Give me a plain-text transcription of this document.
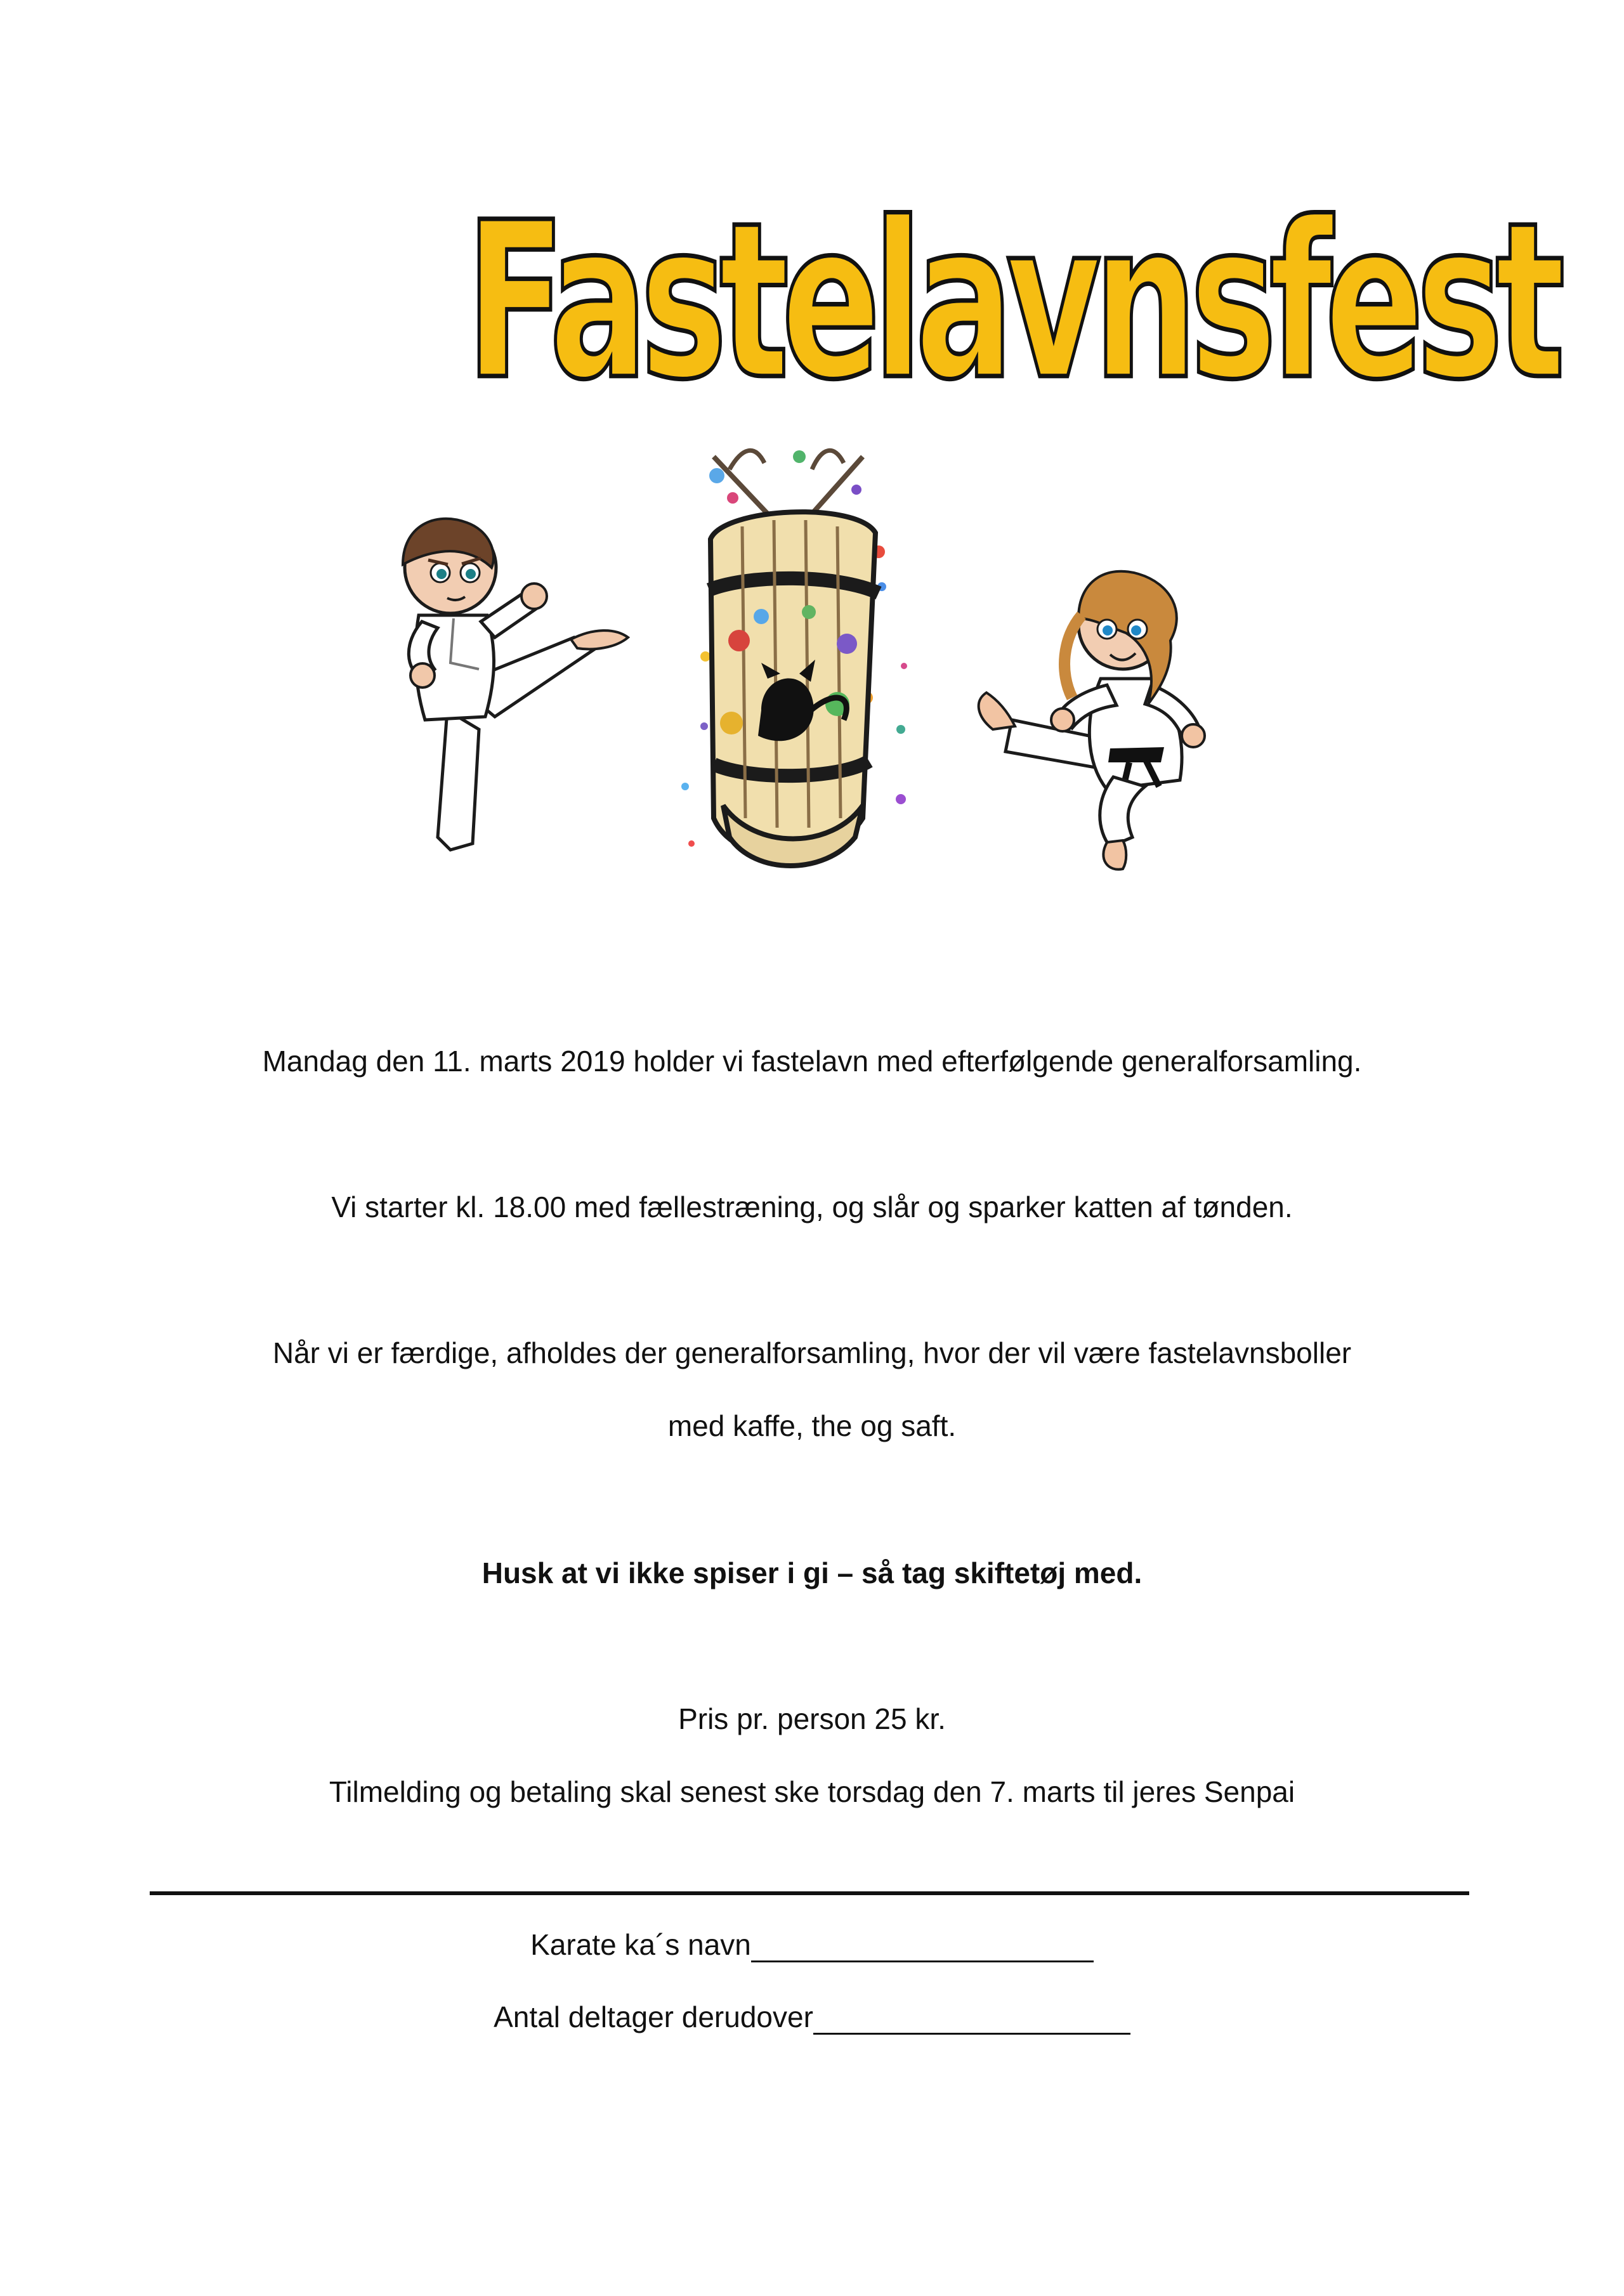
Fastelavnsfest
Mandag den 11. marts 2019 holder vi fastelavn med efterfølgende generalforsamling.
Vi starter kl. 18.00 med fællestræning, og slår og sparker katten af tønden.
Når vi er færdige, afholdes der generalforsamling, hvor der vil være fastelavnsboller
med kaffe, the og saft.
Husk at vi ikke spiser i gi – så tag skiftetøj med.
Pris pr. person 25 kr.
Tilmelding og betaling skal senest ske torsdag den 7. marts til jeres Senpai
Karate ka´s navn
Antal deltager derudover
